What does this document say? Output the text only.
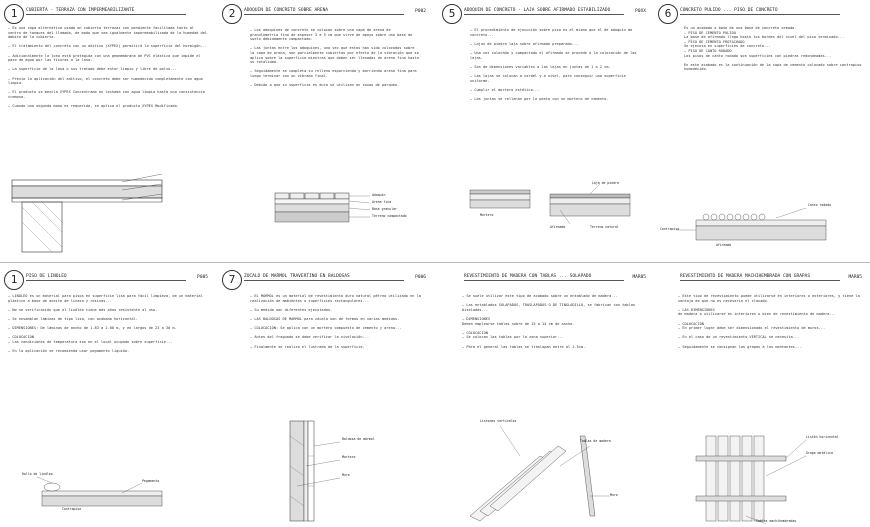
1	CUBIERTA - TERRAZA CON IMPERMEABILIZANTE
— Es una capa alternativa usada en cubierta terrazas con pendiente facilitada tanto al centro de tanques del llamado, de modo que sea igualmente impermeabilizada de la humedad del ámbito de la cubierta.

— El tratamiento del concreto con un aditivo (XYPEX) permitirá la superficie del hormigón...

— Adicionalmente la losa está protegida con una geomembrana de PVC elástica que impide el paso de agua por las fisuras a la losa.

— La superficie de la losa o sus tratado debe estar limpio y libre de polvo...

— Previo la aplicación del aditivo, el concreto debe ser humedecido completamente con agua limpia.

— El producto se mezcla XYPEX Concentrado en lechada con agua limpia hasta una consistencia cremosa.

— Cuando una segunda mano es requerida, se aplica el producto XYPEX Modificado.
2	ADOQUIN DE CONCRETO SOBRE ARENA	P002
— Los adoquines de concreto se colocan sobre una capa de arena de granulometría fina de espesor 3 a 5 cm que sirve de apoyo sobre una base de suelo debidamente compactado.

— Las juntas entre los adoquines, una vez que estos han sido colocados sobre la capa de arena, son parcialmente cubiertas por efecto de la vibración que se aplica sobre la superficie mientras que deben ser llenadas de arena fina hasta su totalidad.

— Seguidamente se completa su relleno esparciendo y barriendo arena fina para luego terminar con un vibrado final.

— Debido a que su superficie es dura se utilizan en zonas de parqueo.
Adoquín
Arena fina
Base granular
Terreno compactado
5	ADOQUIN DE CONCRETO - LAJA SOBRE AFIRMADO ESTABILIZADO	P0XX
— El procedimiento de ejecución sobre piso es el mismo que el de adoquín de concreto...

— Lajas de piedra laja sobre afirmado preparado...

— Una vez colocado y compactado el afirmado se procede a la colocación de las lajas.

— Son de dimensiones variables a las lajas en juntas de 1 a 2 cm.

— Las lajas se colocan a cordel y a nivel, para conseguir una superficie uniforme.

— Cumplir el mortero estético...

— Las juntas se rellenan por la pasta con un mortero de cemento.
Laja de piedra
Mortero
Afirmado	Terreno natural
6	CONCRETO PULIDO ... PISO DE CONCRETO
Es un acabado a base de una base de concreto armado.
— PISO DE CEMENTO PULIDO
La base de afirmado llega hasta los bordes del nivel del piso terminado...
— PISO DE CEMENTO FROTACHADO
Se ejecuta en superficies de concreto...
— PISO DE CANTO RODADO
Los pisos de canto rodado son superficies con piedras redondeadas...

En este acabado es la continuación de la capa de cemento colocado sobre contrapiso humedecido.
Canto rodado
Contrapiso
Afirmado
1	PISO DE LINOLEO	P005
— LINOLEO es un material para pisos en superficie lisa para fácil limpieza, de un material plástico a base de aceite de linaza y resinas...

— No se verificación que el linóleo tiene más años resistente al uso.

— Se ensamblan láminas de tipo lisa, con acabado horizontal.

— DIMENSIONES: De láminas de ancho de 1.83 a 2.00 m, y en largos de 23 a 30 m.

— COLOCACIÓN
— Las condiciones de temperatura son en el local ocupado sobre superficie...

— En la aplicación se recomienda usar pegamento líquido.
Rollo de linóleo
Pegamento
Contrapiso
7	ZOCALO DE MARMOL TRAVERTINO EN BALDOSAS	P006
— EL MARMOL es un material de revestimiento duro natural pétreo utilizado en la realización de ambientes o superficies rectangulares...

— Su medida son diferentes ejecutadas.

— LAS BALDOSAS DE MARMOL para zócalo son de formas en varias medidas.

— COLOCACIÓN: Se aplica con un mortero compuesto de cemento y arena...

— Antes del fraguado se debe verificar la nivelación...

— Finalmente se realiza el lustrado de la superficie.
Baldosa de mármol
Mortero
Muro
REVESTIMIENTO DE MADERA CON TABLAS ... SOLAPADO	MAR05
— Se suele utilizar este tipo de acabado sobre un entablado de madera...

— Las entablados SOLAPADOS, TRASLAPADOS O DE TINGLADILLO, se fabrican con tablas biseladas...

— DIMENSIONES
Deben emplearse tablas sobre de 15 a 14 cm de ancho.

— COLOCACIÓN
— Se colocan las tablas por la zona superior...

— Para el general las tablas se traslapan entre al 2.5cm.
Listones verticales
Tablas de madera
Muro
REVESTIMIENTO DE MADERA MACHIHEMBRADA CON GRAPAS	MAR05
— Este tipo de revestimiento puede utilizarse en interiores o exteriores, y tiene la ventaja de que no es necesario el clavado.

— LAS DIMENSIONES
de madera o utilizarse en interiores o bien de revestimiento de madera...

— COLOCACIÓN
— En primer lugar debe ser dimensionado el revestimiento de muros...

— En el caso de un revestimiento VERTICAL se necesita...

— Seguidamente se consignan las grapas a los montantes...
Listón horizontal
Grapa metálica
Tablas machihembradas
